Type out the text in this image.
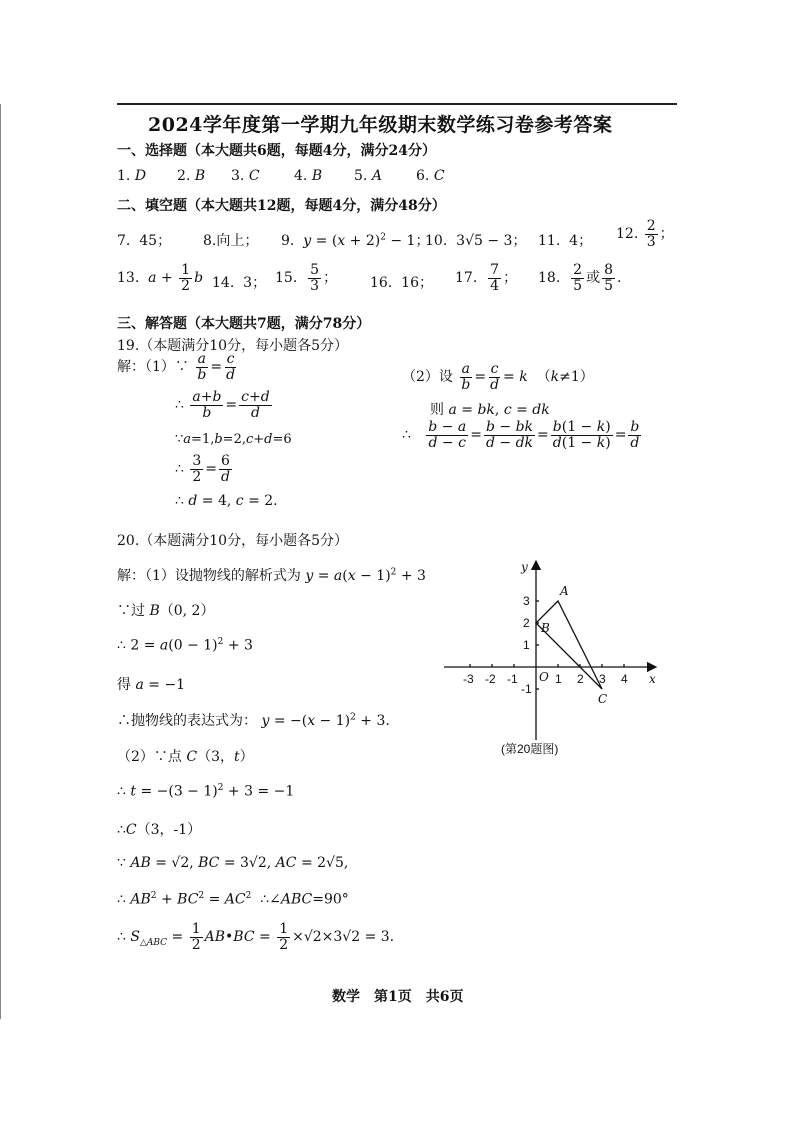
2024学年度第一学期九年级期末数学练习卷参考答案
一、选择题（本大题共6题，每题4分，满分24分）
1. D 2. B 3. C 4. B 5. A 6. C
二、填空题（本大题共12题，每题4分，满分48分）
7.  45； 8.向上； 9.  $y = (x + 2)^2 - 1$；
10.  3√5 − 3； 11.  4； 12. $\frac{2}{3}$ ；
13.  $a + \frac{1}{2}$ b 14.  3； 15. $\frac{5}{3}$ ； 16.  16； 17. $\frac{7}{4}$ ； 18. $\frac{2}{5}$ 或 $\frac{8}{5}$ .
三、解答题（本大题共7题，满分78分）
19.（本题满分10分，每小题各5分）
解：（1）∵ $\frac{a}{b} = \frac{c}{d}$
∴ $\frac{a+b}{b} = \frac{c+d}{d}$
∵a=1,b=2,c+d=6
∴ $\frac{3}{2} = \frac{6}{d}$
∴ d = 4, c = 2.
（2）设 $\frac{a}{b} = \frac{c}{d} = k$  （k≠1）
则 a = bk, c = dk
∴ $\frac{b - a}{d - c} = \frac{b - bk}{d - dk} = \frac{b(1 - k)}{d(1 - k)} = \frac{b}{d}$
20.（本题满分10分，每小题各5分）
解：（1）设抛物线的解析式为 $y = a(x - 1)^2 + 3$
∵过 B（0, 2）
∴ $2 = a(0 - 1)^2 + 3$
得 a = −1
∴抛物线的表达式为： $y = -(x - 1)^2 + 3$.
（2）∵点 C（3，t）
∴ $t = -(3 - 1)^2 + 3 = -1$
∴C（3，-1）
∵ AB = √2, BC = 3√2, AC = 2√5,
∴ $AB^2 + BC^2 = AC^2$  ∴∠ABC=90°
∴ $S_{\triangle ABC} = \frac{1}{2}$ AB•BC = $\frac{1}{2} \times√2\times 3√2 = 3$.
x
y
O
-3 -2 -1	1 2 3 4
3
2
1
-1
A
B
C
(第20题图)
数学　第1页　共6页
